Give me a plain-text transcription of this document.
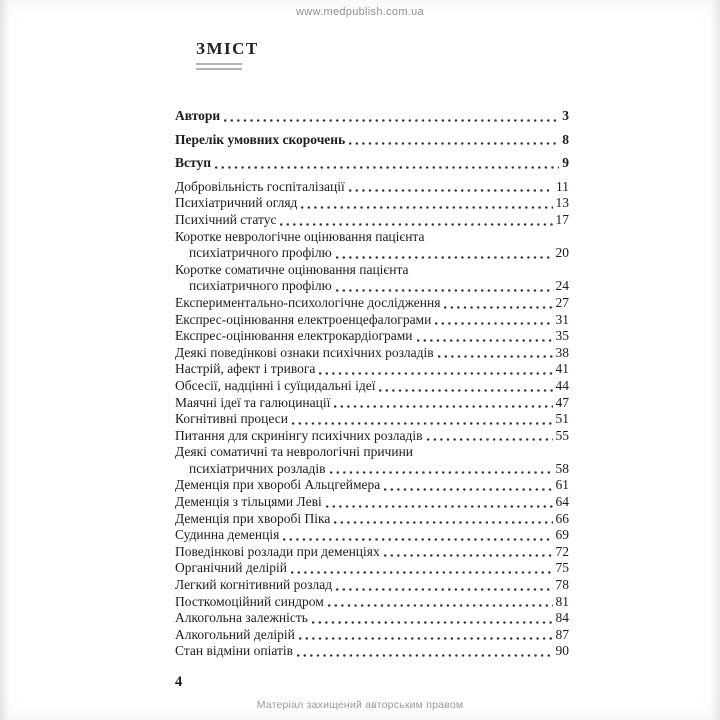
www.medpublish.com.ua
ЗМІСТ
Автори	3
Перелік умовних скорочень	8
Вступ	9
Добровільність госпіталізації	11
Психіатричний огляд	13
Психічний статус	17
Коротке неврологічне оцінювання пацієнта
психіатричного профілю	20
Коротке соматичне оцінювання пацієнта
психіатричного профілю	24
Експериментально-психологічне дослідження	27
Експрес-оцінювання електроенцефалограми	31
Експрес-оцінювання електрокардіограми	35
Деякі поведінкові ознаки психічних розладів	38
Настрій, афект і тривога	41
Обсесії, надцінні і суїцидальні ідеї	44
Маячні ідеї та галюцинації	47
Когнітивні процеси	51
Питання для скринінгу психічних розладів	55
Деякі соматичні та неврологічні причини
психіатричних розладів	58
Деменція при хворобі Альцгеймера	61
Деменція з тільцями Леві	64
Деменція при хворобі Піка	66
Судинна деменція	69
Поведінкові розлади при деменціях	72
Органічний делірій	75
Легкий когнітивний розлад	78
Посткомоційний синдром	81
Алкогольна залежність	84
Алкогольний делірій	87
Стан відміни опіатів	90
4
Матеріал захищений авторським правом
